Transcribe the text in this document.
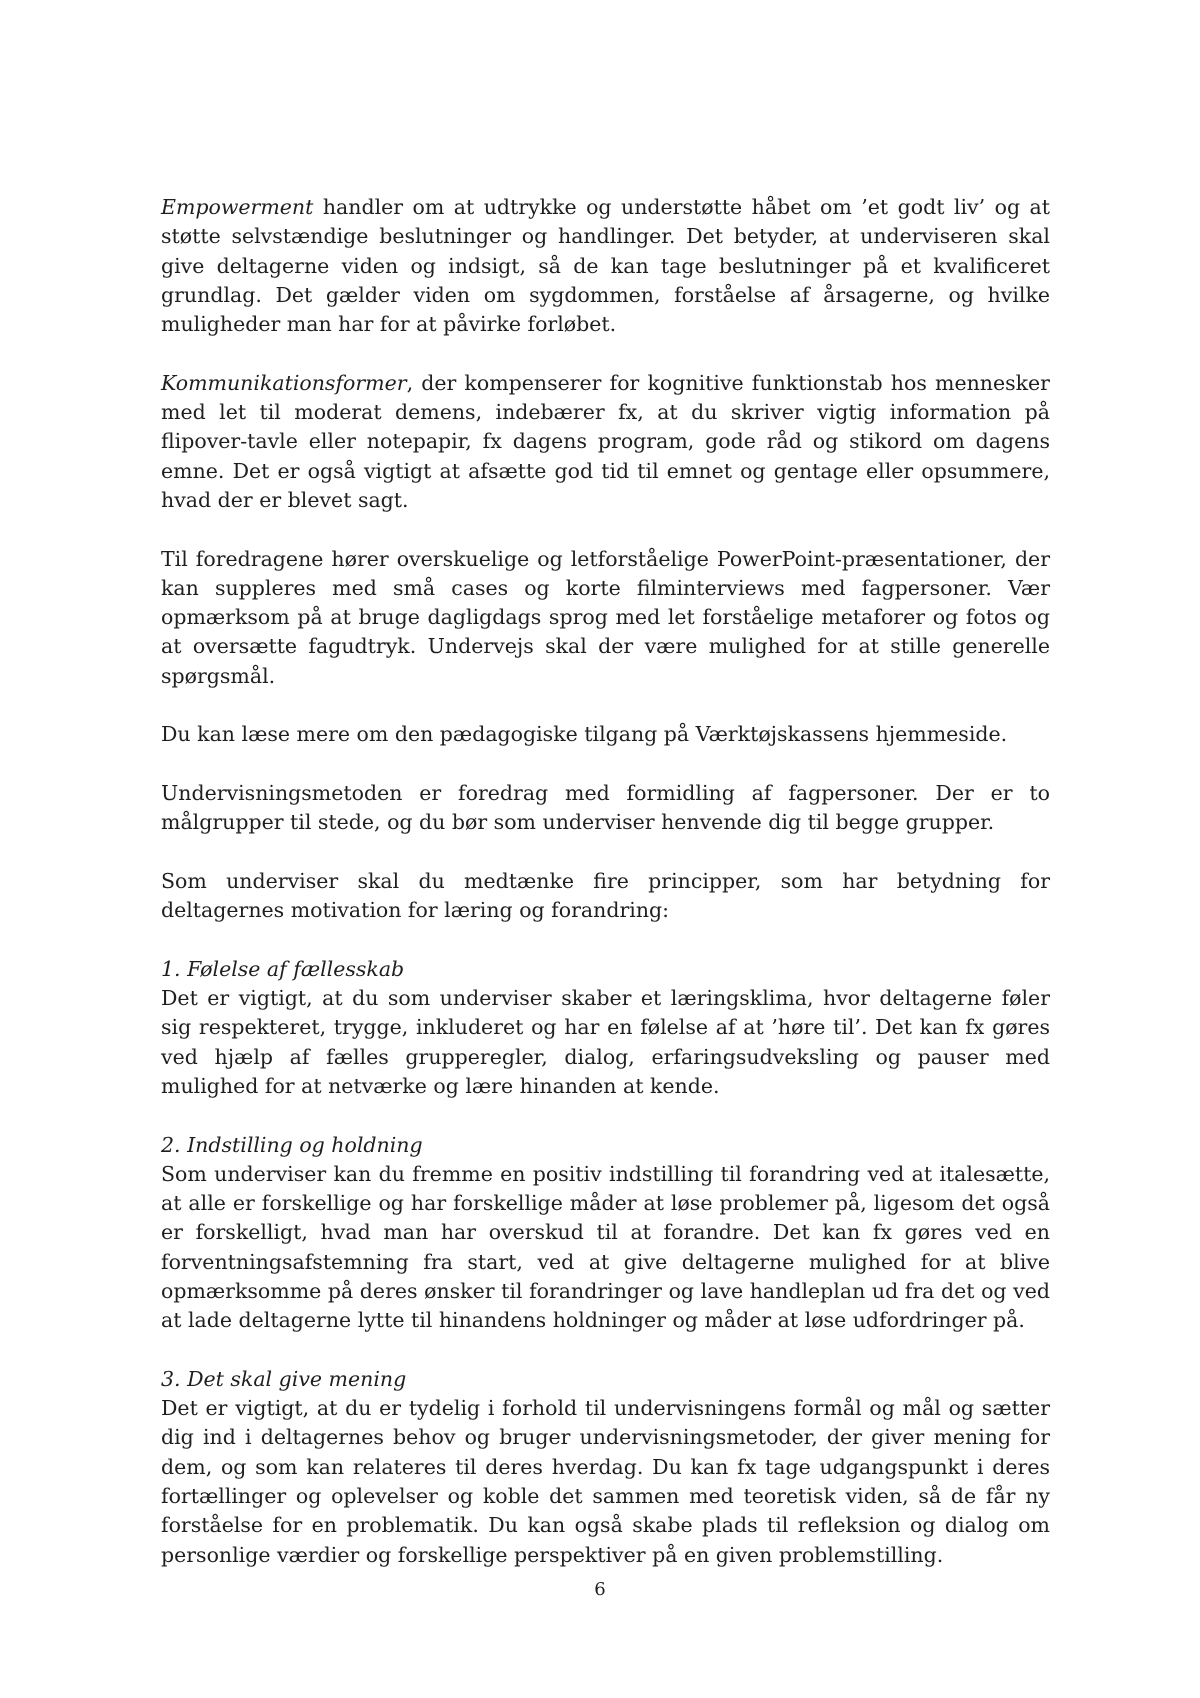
Empowerment handler om at udtrykke og understøtte håbet om ’et godt liv’ og at støtte selvstændige beslutninger og handlinger. Det betyder, at underviseren skal give deltagerne viden og indsigt, så de kan tage beslutninger på et kvalificeret grundlag. Det gælder viden om sygdommen, forståelse af årsagerne, og hvilke muligheder man har for at påvirke forløbet.

Kommunikationsformer, der kompenserer for kognitive funktionstab hos mennesker med let til moderat demens, indebærer fx, at du skriver vigtig information på flipover-tavle eller notepapir, fx dagens program, gode råd og stikord om dagens emne. Det er også vigtigt at afsætte god tid til emnet og gentage eller opsummere, hvad der er blevet sagt.

Til foredragene hører overskuelige og letforståelige PowerPoint-præsentationer, der kan suppleres med små cases og korte filminterviews med fagpersoner. Vær opmærksom på at bruge dagligdags sprog med let forståelige metaforer og fotos og at oversætte fagudtryk. Undervejs skal der være mulighed for at stille generelle spørgsmål.

Du kan læse mere om den pædagogiske tilgang på Værktøjskassens hjemmeside.

Undervisningsmetoden er foredrag med formidling af fagpersoner. Der er to målgrupper til stede, og du bør som underviser henvende dig til begge grupper.

Som underviser skal du medtænke fire principper, som har betydning for deltagernes motivation for læring og forandring:

1. Følelse af fællesskab
Det er vigtigt, at du som underviser skaber et læringsklima, hvor deltagerne føler sig respekteret, trygge, inkluderet og har en følelse af at ’høre til’. Det kan fx gøres ved hjælp af fælles grupperegler, dialog, erfaringsudveksling og pauser med mulighed for at netværke og lære hinanden at kende.

2. Indstilling og holdning
Som underviser kan du fremme en positiv indstilling til forandring ved at italesætte, at alle er forskellige og har forskellige måder at løse problemer på, ligesom det også er forskelligt, hvad man har overskud til at forandre. Det kan fx gøres ved en forventningsafstemning fra start, ved at give deltagerne mulighed for at blive opmærksomme på deres ønsker til forandringer og lave handleplan ud fra det og ved at lade deltagerne lytte til hinandens holdninger og måder at løse udfordringer på.

3. Det skal give mening
Det er vigtigt, at du er tydelig i forhold til undervisningens formål og mål og sætter dig ind i deltagernes behov og bruger undervisningsmetoder, der giver mening for dem, og som kan relateres til deres hverdag. Du kan fx tage udgangspunkt i deres fortællinger og oplevelser og koble det sammen med teoretisk viden, så de får ny forståelse for en problematik. Du kan også skabe plads til refleksion og dialog om personlige værdier og forskellige perspektiver på en given problemstilling.

6
